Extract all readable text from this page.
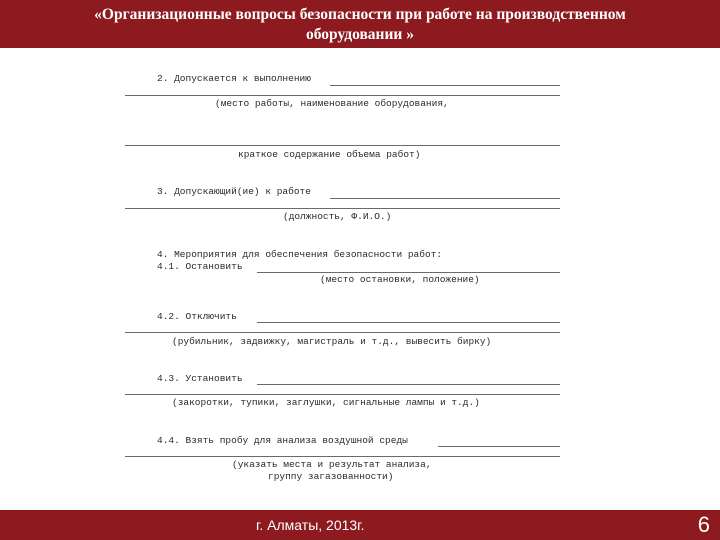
«Организационные вопросы безопасности при работе на производственном
оборудовании »
2. Допускается к выполнению
(место работы, наименование оборудования,
краткое содержание объема работ)
3. Допускающий(ие) к работе
(должность, Ф.И.О.)
4. Мероприятия для обеспечения безопасности работ:
4.1. Остановить
(место остановки, положение)
4.2. Отключить
(рубильник, задвижку, магистраль и т.д., вывесить бирку)
4.3. Установить
(закоротки, тупики, заглушки, сигнальные лампы и т.д.)
4.4. Взять пробу для анализа воздушной среды
(указать места и результат анализа,
группу загазованности)
г. Алматы, 2013г.	6
